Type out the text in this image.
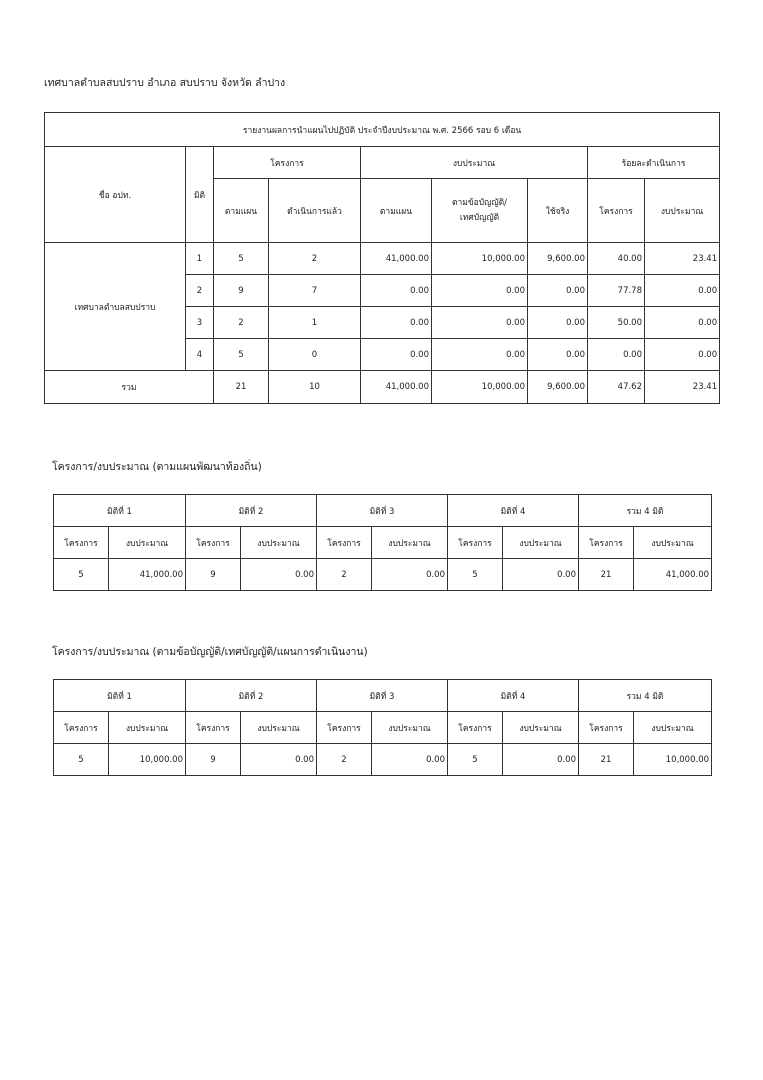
เทศบาลตำบลสบปราบ อำเภอ สบปราบ จังหวัด ลำปาง
รายงานผลการนำแผนไปปฏิบัติ ประจำปีงบประมาณ พ.ศ. 2566 รอบ 6 เดือน								
ชื่อ อปท.	มิติ	โครงการ		งบประมาณ			ร้อยละดำเนินการ	
		ตามแผน	ดำเนินการแล้ว	ตามแผน	ตามข้อบัญญัติ/ เทศบัญญัติ	ใช้จริง	โครงการ	งบประมาณ
เทศบาลตำบลสบปราบ	1	5	2	41,000.00	10,000.00	9,600.00	40.00	23.41
	2	9	7	0.00	0.00	0.00	77.78	0.00
	3	2	1	0.00	0.00	0.00	50.00	0.00
	4	5	0	0.00	0.00	0.00	0.00	0.00
รวม		21	10	41,000.00	10,000.00	9,600.00	47.62	23.41
โครงการ/งบประมาณ (ตามแผนพัฒนาท้องถิ่น)
มิติที่ 1		มิติที่ 2		มิติที่ 3		มิติที่ 4		รวม 4 มิติ	
โครงการ	งบประมาณ	โครงการ	งบประมาณ	โครงการ	งบประมาณ	โครงการ	งบประมาณ	โครงการ	งบประมาณ
5	41,000.00	9	0.00	2	0.00	5	0.00	21	41,000.00
โครงการ/งบประมาณ (ตามข้อบัญญัติ/เทศบัญญัติ/แผนการดำเนินงาน)
มิติที่ 1		มิติที่ 2		มิติที่ 3		มิติที่ 4		รวม 4 มิติ	
โครงการ	งบประมาณ	โครงการ	งบประมาณ	โครงการ	งบประมาณ	โครงการ	งบประมาณ	โครงการ	งบประมาณ
5	10,000.00	9	0.00	2	0.00	5	0.00	21	10,000.00
